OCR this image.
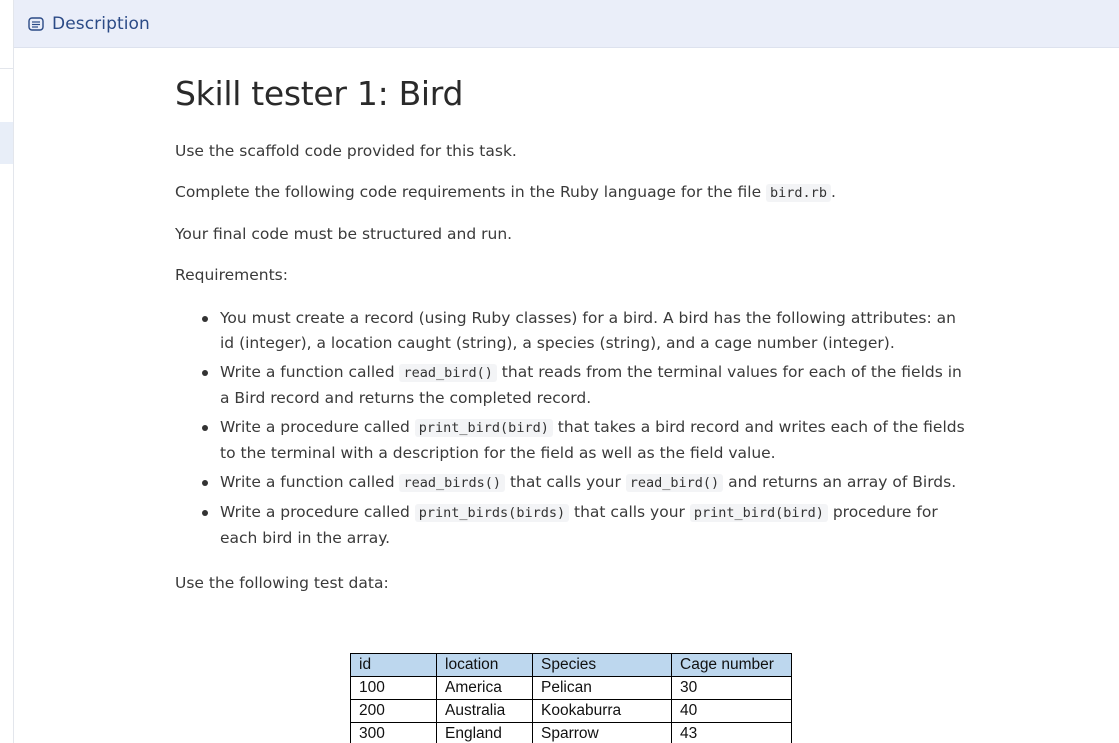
Description
Skill tester 1: Bird

Use the scaffold code provided for this task.

Complete the following code requirements in the Ruby language for the file bird.rb .

Your final code must be structured and run.

Requirements:

You must create a record (using Ruby classes) for a bird. A bird has the following attributes: an id (integer), a location caught (string), a species (string), and a cage number (integer).
Write a function called read_bird() that reads from the terminal values for each of the fields in a Bird record and returns the completed record.
Write a procedure called print_bird(bird) that takes a bird record and writes each of the fields to the terminal with a description for the field as well as the field value.
Write a function called read_birds() that calls your read_bird() and returns an array of Birds.
Write a procedure called print_birds(birds) that calls your print_bird(bird) procedure for each bird in the array.

Use the following test data:

id	location	Species	Cage number
100	America	Pelican	30
200	Australia	Kookaburra	40
300	England	Sparrow	43
